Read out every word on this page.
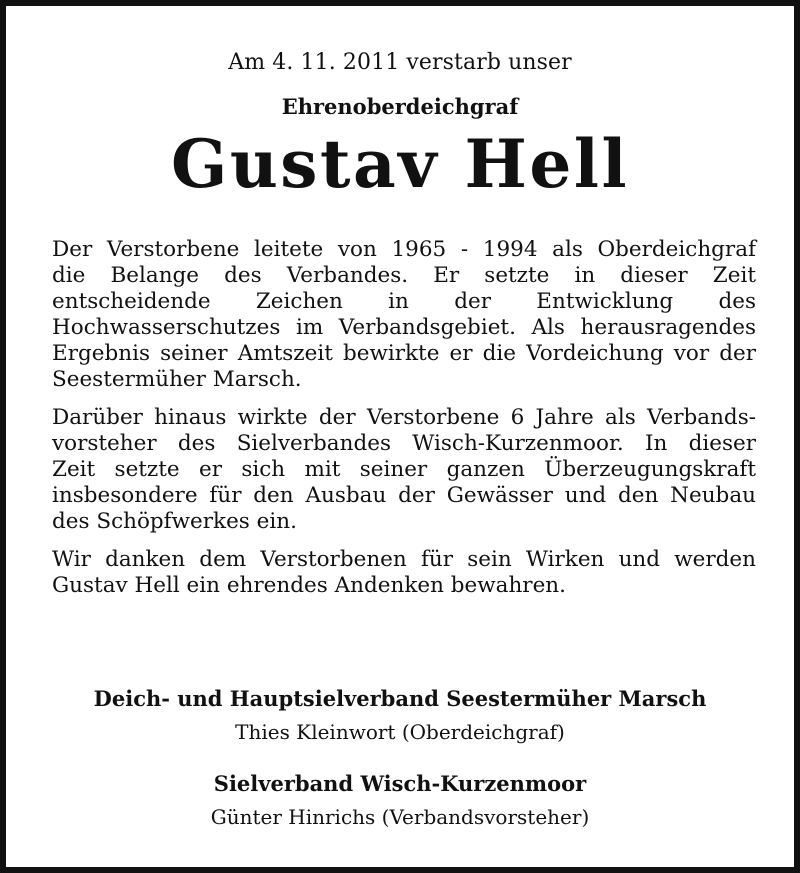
Am 4. 11. 2011 verstarb unser
Ehrenoberdeichgraf
Gustav Hell
Der Verstorbene leitete von 1965 - 1994 als Oberdeichgraf
die Belange des Verbandes. Er setzte in dieser Zeit
entscheidende Zeichen in der Entwicklung des
Hochwasserschutzes im Verbandsgebiet. Als herausragendes
Ergebnis seiner Amtszeit bewirkte er die Vordeichung vor der
Seestermüher Marsch.
Darüber hinaus wirkte der Verstorbene 6 Jahre als Verbands-
vorsteher des Sielverbandes Wisch-Kurzenmoor. In dieser
Zeit setzte er sich mit seiner ganzen Überzeugungskraft
insbesondere für den Ausbau der Gewässer und den Neubau
des Schöpfwerkes ein.
Wir danken dem Verstorbenen für sein Wirken und werden
Gustav Hell ein ehrendes Andenken bewahren.
Deich- und Hauptsielverband Seestermüher Marsch
Thies Kleinwort (Oberdeichgraf)
Sielverband Wisch-Kurzenmoor
Günter Hinrichs (Verbandsvorsteher)
